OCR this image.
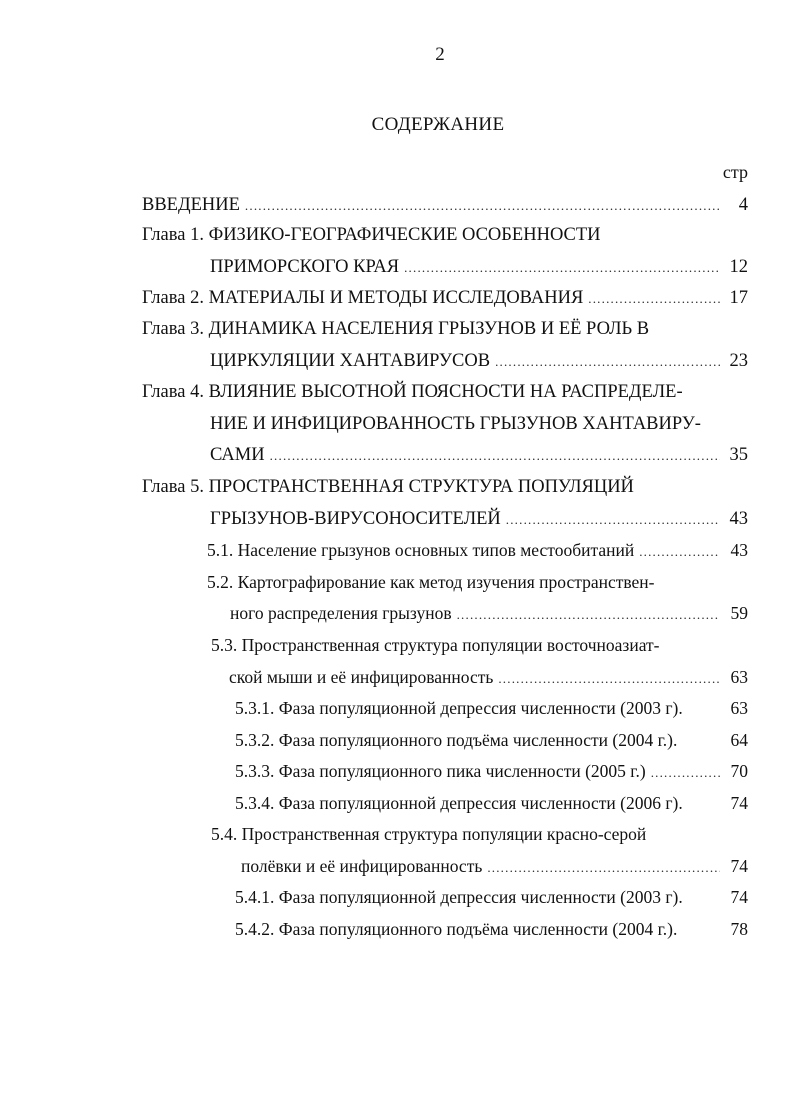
2
СОДЕРЖАНИЕ
стр
ВВЕДЕНИЕ .....	4
Глава 1. ФИЗИКО-ГЕОГРАФИЧЕСКИЕ ОСОБЕННОСТИ
ПРИМОРСКОГО КРАЯ .....	12
Глава 2. МАТЕРИАЛЫ И МЕТОДЫ ИССЛЕДОВАНИЯ .....	17
Глава 3. ДИНАМИКА НАСЕЛЕНИЯ ГРЫЗУНОВ И ЕЁ РОЛЬ В
ЦИРКУЛЯЦИИ ХАНТАВИРУСОВ .....	23
Глава 4. ВЛИЯНИЕ ВЫСОТНОЙ ПОЯСНОСТИ НА РАСПРЕДЕЛЕ-
НИЕ И ИНФИЦИРОВАННОСТЬ ГРЫЗУНОВ ХАНТАВИРУ-
САМИ .....	35
Глава 5. ПРОСТРАНСТВЕННАЯ СТРУКТУРА ПОПУЛЯЦИЙ
ГРЫЗУНОВ-ВИРУСОНОСИТЕЛЕЙ .....	43
5.1. Население грызунов основных типов местообитаний .....	43
5.2. Картографирование как метод изучения пространствен-
ного распределения грызунов .....	59
5.3. Пространственная структура популяции восточноазиат-
ской мыши и её инфицированность .....	63
5.3.1. Фаза популяционной депрессия численности (2003 г).	63
5.3.2. Фаза популяционного подъёма численности (2004 г.).	64
5.3.3. Фаза популяционного пика численности (2005 г.) .....	70
5.3.4. Фаза популяционной депрессия численности (2006 г).	74
5.4. Пространственная структура популяции красно-серой
полёвки и её инфицированность .....	74
5.4.1. Фаза популяционной депрессия численности (2003 г).	74
5.4.2. Фаза популяционного подъёма численности (2004 г.).	78
